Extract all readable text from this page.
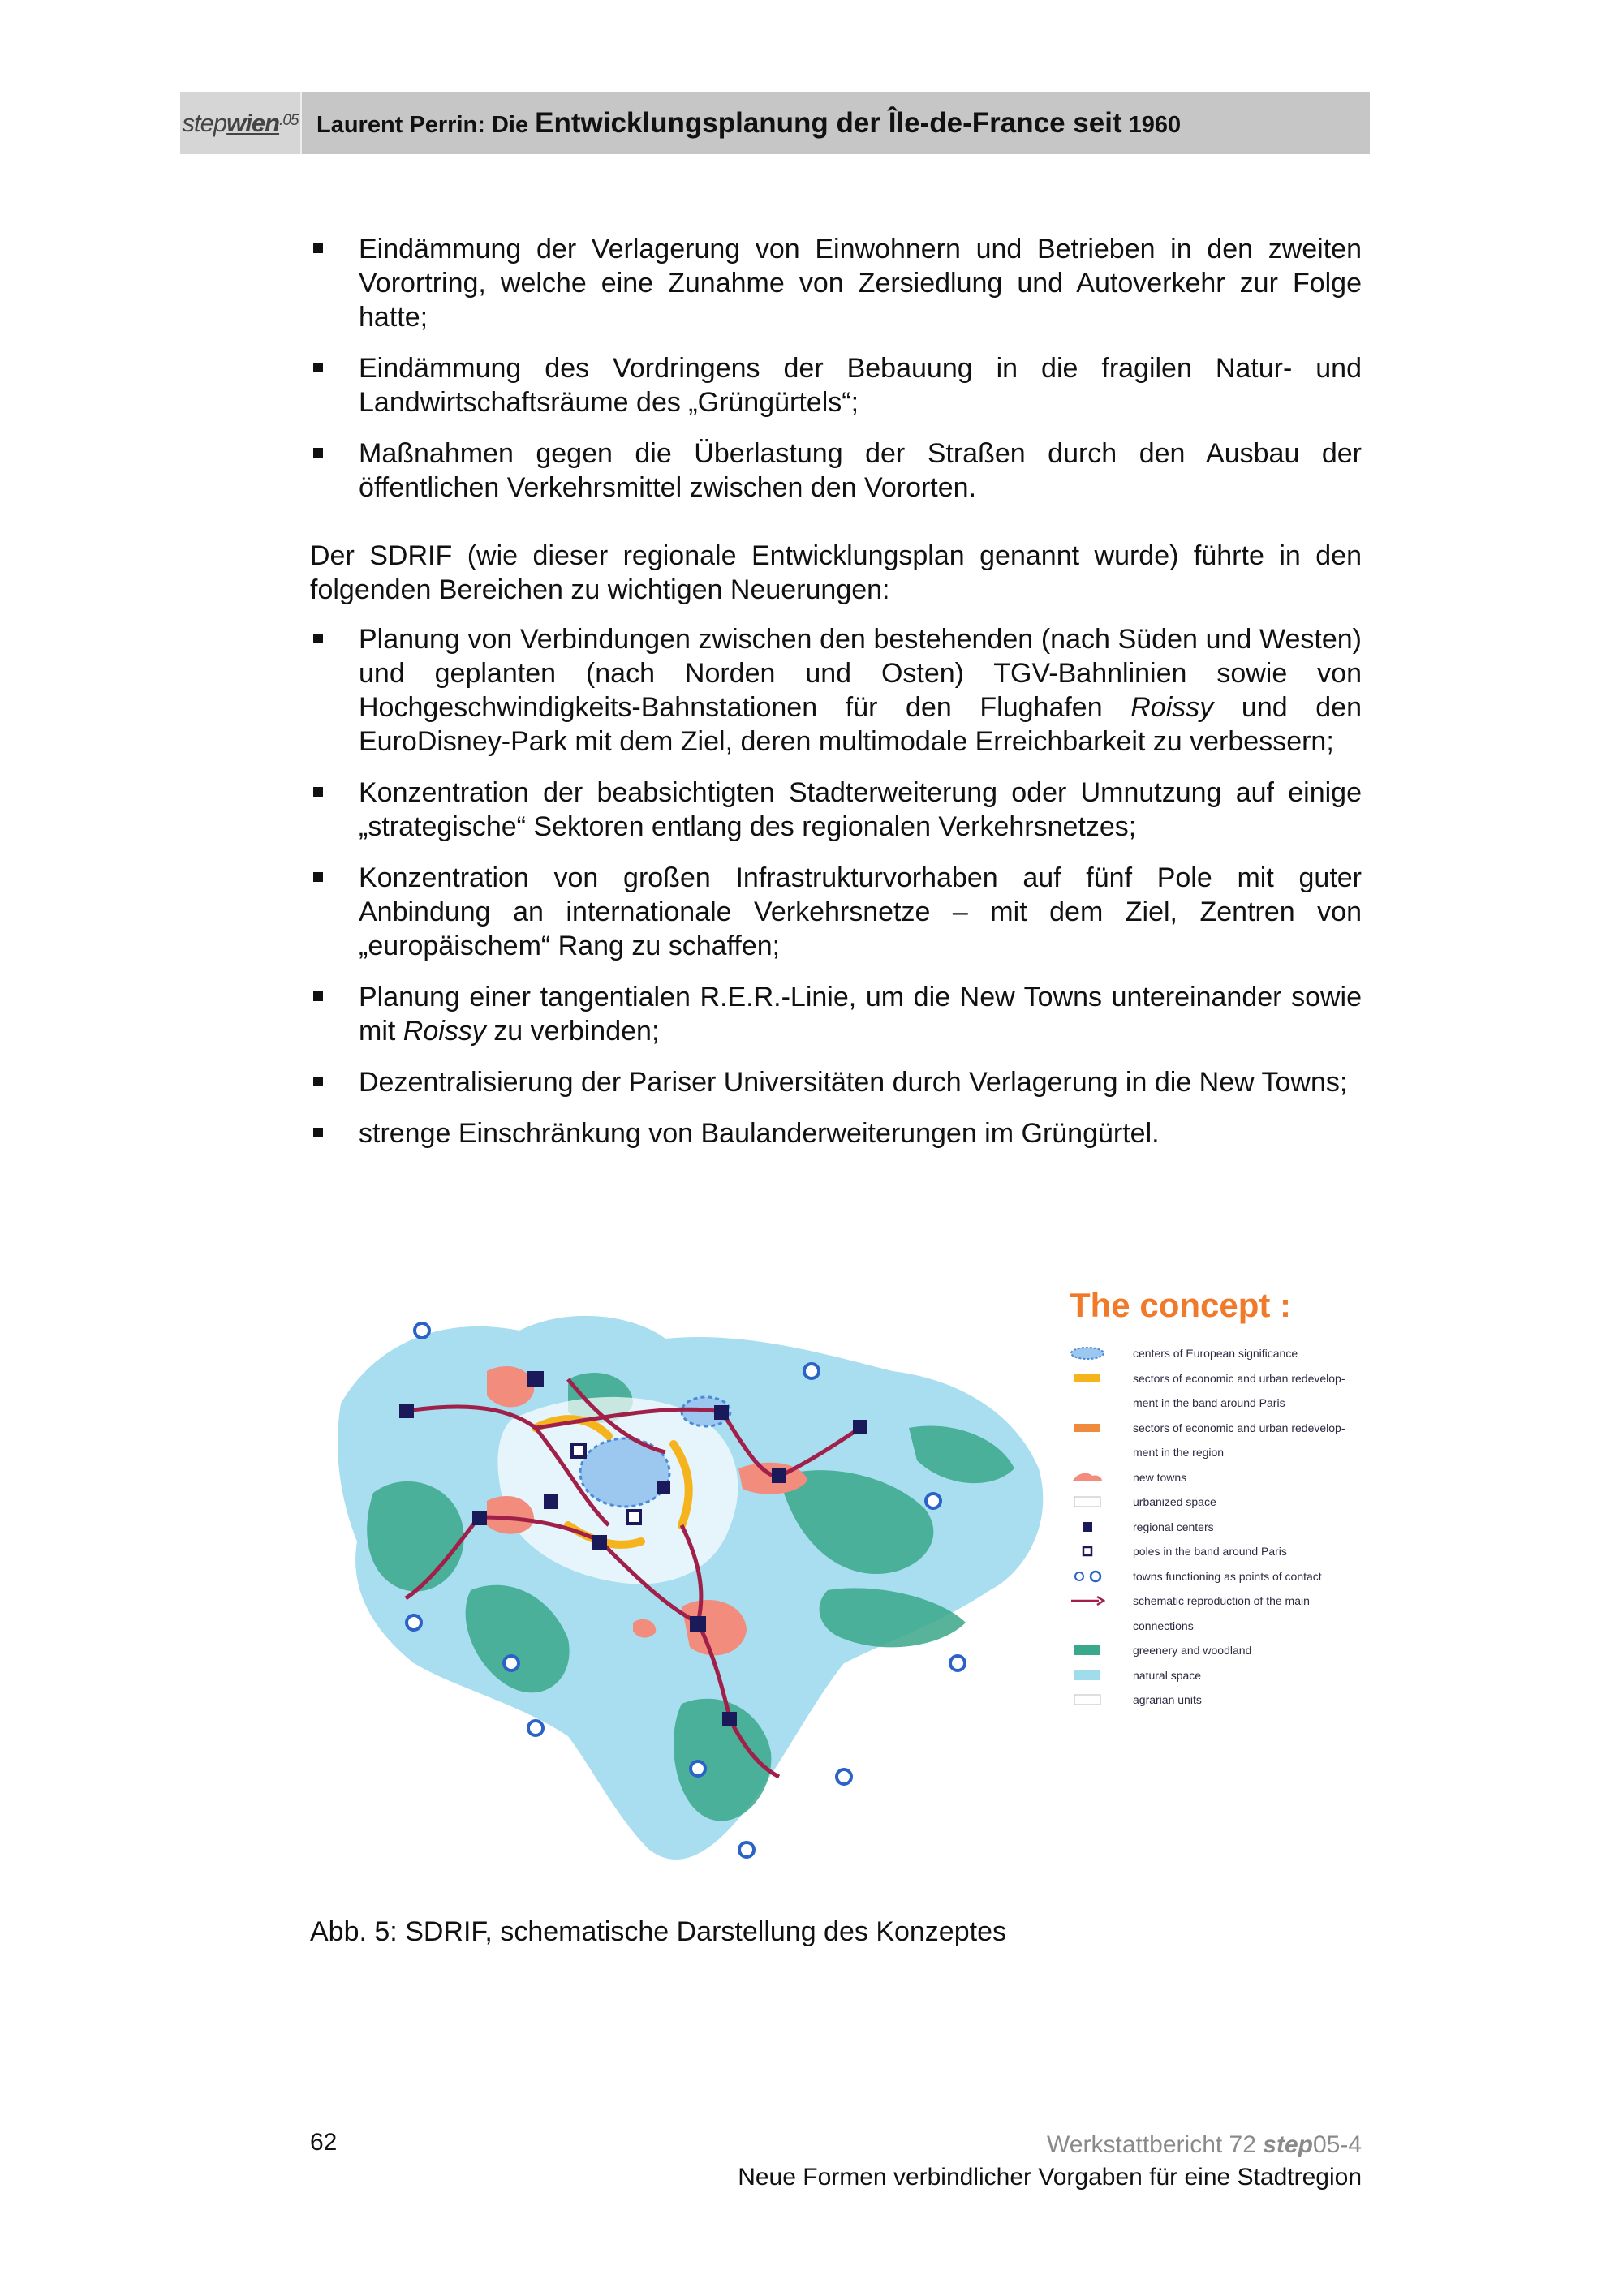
step wien .05 Laurent Perrin: Die Entwicklungsplanung der Île-de-France seit 1960
Eindämmung der Verlagerung von Einwohnern und Betrieben in den zweiten Vorortring, welche eine Zunahme von Zersiedlung und Autoverkehr zur Folge hatte;
Eindämmung des Vordringens der Bebauung in die fragilen Natur- und Landwirtschaftsräume des „Grüngürtels“;
Maßnahmen gegen die Überlastung der Straßen durch den Ausbau der öffentlichen Verkehrsmittel zwischen den Vororten.

Der SDRIF (wie dieser regionale Entwicklungsplan genannt wurde) führte in den folgenden Bereichen zu wichtigen Neuerungen:

Planung von Verbindungen zwischen den bestehenden (nach Süden und Westen) und geplanten (nach Norden und Osten) TGV-Bahnlinien sowie von Hochgeschwindigkeits-Bahnstationen für den Flughafen Roissy und den EuroDisney-Park mit dem Ziel, deren multimodale Erreichbarkeit zu verbessern;
Konzentration der beabsichtigten Stadterweiterung oder Umnutzung auf einige „strategische“ Sektoren entlang des regionalen Verkehrsnetzes;
Konzentration von großen Infrastrukturvorhaben auf fünf Pole mit guter Anbindung an internationale Verkehrsnetze – mit dem Ziel, Zentren von „europäischem“ Rang zu schaffen;
Planung einer tangentialen R.E.R.-Linie, um die New Towns untereinander sowie mit Roissy zu verbinden;
Dezentralisierung der Pariser Universitäten durch Verlagerung in die New Towns;
strenge Einschränkung von Baulanderweiterungen im Grüngürtel.
The concept :
centers of European significance
sectors of economic and urban redevelop-
ment in the band around Paris
sectors of economic and urban redevelop-
ment in the region
new towns
urbanized space
regional centers
poles in the band around Paris
towns functioning as points of contact
schematic reproduction of the main
connections
greenery and woodland
natural space
agrarian units
Abb. 5: SDRIF, schematische Darstellung des Konzeptes
62	Werkstattbericht 72 step05-4
Neue Formen verbindlicher Vorgaben für eine Stadtregion
